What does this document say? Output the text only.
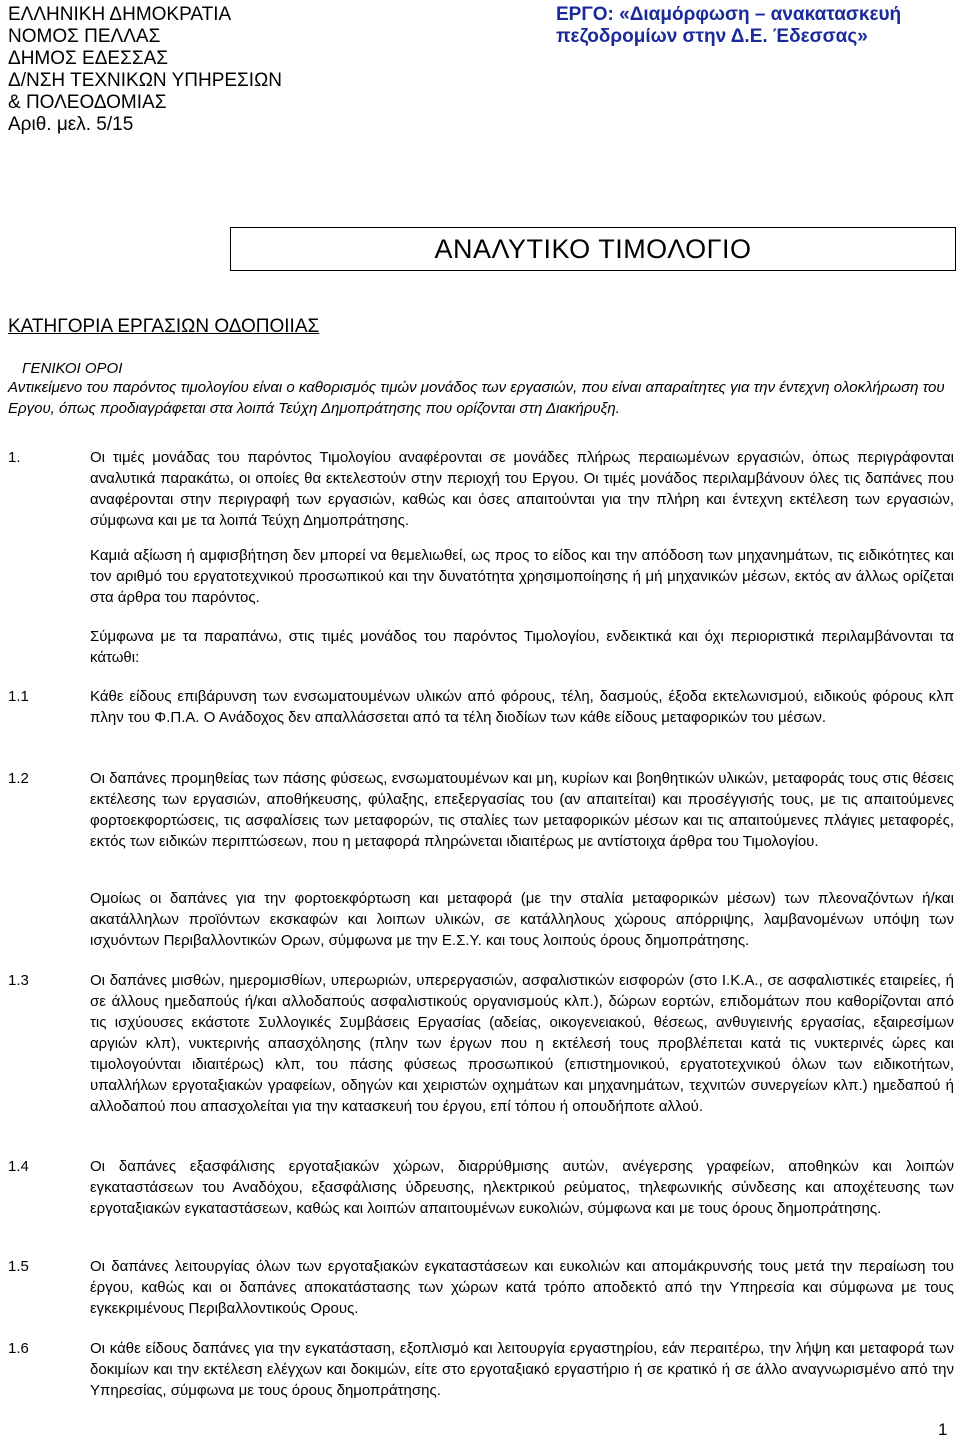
ΕΛΛΗΝΙΚΗ ΔΗΜΟΚΡΑΤΙΑ
ΝΟΜΟΣ ΠΕΛΛΑΣ
ΔΗΜΟΣ ΕΔΕΣΣΑΣ
Δ/ΝΣΗ ΤΕΧΝΙΚΩΝ ΥΠΗΡΕΣΙΩΝ
& ΠΟΛΕΟΔΟΜΙΑΣ
Αριθ. μελ. 5/15
ΕΡΓΟ: «Διαμόρφωση – ανακατασκευή
πεζοδρομίων στην Δ.Ε. Έδεσσας»
ΑΝΑΛΥΤΙΚΟ ΤΙΜΟΛΟΓΙΟ
ΚΑΤΗΓΟΡΙΑ ΕΡΓΑΣΙΩΝ ΟΔΟΠΟΙΙΑΣ
ΓΕΝΙΚΟΙ ΟΡΟΙ
Αντικείμενο του παρόντος τιμολογίου είναι ο καθορισμός τιμών μονάδος των εργασιών, που είναι απαραίτητες για την έντεχνη ολοκλήρωση του Εργου, όπως προδιαγράφεται στα λοιπά Τεύχη Δημοπράτησης που ορίζονται στη Διακήρυξη.
1.	Οι τιμές μονάδας του παρόντος Τιμολογίου αναφέρονται σε μονάδες πλήρως περαιωμένων εργασιών, όπως περιγράφονται αναλυτικά παρακάτω, οι οποίες θα εκτελεστούν στην περιοχή του Εργου. Οι τιμές μονάδος περιλαμβάνουν όλες τις δαπάνες που αναφέρονται στην περιγραφή των εργασιών, καθώς και όσες απαιτούνται για την πλήρη και έντεχνη εκτέλεση των εργασιών, σύμφωνα και με τα λοιπά Τεύχη Δημοπράτησης.
Καμιά αξίωση ή αμφισβήτηση δεν μπορεί να θεμελιωθεί, ως προς το είδος και την απόδοση των μηχανημάτων, τις ειδικότητες και τον αριθμό του εργατοτεχνικού προσωπικού και την δυνατότητα χρησιμοποίησης ή μή μηχανικών μέσων, εκτός αν άλλως ορίζεται στα άρθρα του παρόντος.
Σύμφωνα με τα παραπάνω, στις τιμές μονάδος του παρόντος Τιμολογίου, ενδεικτικά και όχι περιοριστικά περιλαμβάνονται τα κάτωθι:
1.1	Κάθε είδους επιβάρυνση των ενσωματουμένων υλικών από φόρους, τέλη, δασμούς, έξοδα εκτελωνισμού, ειδικούς φόρους κλπ πλην του Φ.Π.Α. Ο Ανάδοχος δεν απαλλάσσεται από τα τέλη διοδίων των κάθε είδους μεταφορικών του μέσων.
1.2	Οι δαπάνες προμηθείας των πάσης φύσεως, ενσωματουμένων και μη, κυρίων και βοηθητικών υλικών, μεταφοράς τους στις θέσεις εκτέλεσης των εργασιών, αποθήκευσης, φύλαξης, επεξεργασίας του (αν απαιτείται) και προσέγγισής τους, με τις απαιτούμενες φορτοεκφορτώσεις, τις ασφαλίσεις των μεταφορών, τις σταλίες των μεταφορικών μέσων και τις απαιτούμενες πλάγιες μεταφορές, εκτός των ειδικών περιπτώσεων, που η μεταφορά πληρώνεται ιδιαιτέρως με αντίστοιχα άρθρα του Τιμολογίου.
Ομοίως οι δαπάνες για την φορτοεκφόρτωση και μεταφορά (με την σταλία μεταφορικών μέσων) των πλεοναζόντων ή/και ακατάλληλων προϊόντων εκσκαφών και λοιπων υλικών, σε κατάλληλους χώρους απόρριψης, λαμβανομένων υπόψη των ισχυόντων Περιβαλλοντικών Ορων, σύμφωνα με την Ε.Σ.Υ. και τους λοιπούς όρους δημοπράτησης.
1.3	Οι δαπάνες μισθών, ημερομισθίων, υπερωριών, υπερεργασιών, ασφαλιστικών εισφορών (στο Ι.Κ.Α., σε ασφαλιστικές εταιρείες, ή σε άλλους ημεδαπούς ή/και αλλοδαπούς ασφαλιστικούς οργανισμούς κλπ.), δώρων εορτών, επιδομάτων που καθορίζονται από τις ισχύουσες εκάστοτε Συλλογικές Συμβάσεις Εργασίας (αδείας, οικογενειακού, θέσεως, ανθυγιεινής εργασίας, εξαιρεσίμων αργιών κλπ), νυκτερινής απασχόλησης (πλην των έργων που η εκτέλεσή τους προβλέπεται κατά τις νυκτερινές ώρες και τιμολογούνται ιδιαιτέρως) κλπ, του πάσης φύσεως προσωπικού (επιστημονικού, εργατοτεχνικού όλων των ειδικοτήτων, υπαλλήλων εργοταξιακών γραφείων, οδηγών και χειριστών οχημάτων και μηχανημάτων, τεχνιτών συνεργείων κλπ.) ημεδαπού ή αλλοδαπού που απασχολείται για την κατασκευή του έργου, επί τόπου ή οπουδήποτε αλλού.
1.4	Οι δαπάνες εξασφάλισης εργοταξιακών χώρων, διαρρύθμισης αυτών, ανέγερσης γραφείων, αποθηκών και λοιπών εγκαταστάσεων του Αναδόχου, εξασφάλισης ύδρευσης, ηλεκτρικού ρεύματος, τηλεφωνικής σύνδεσης και αποχέτευσης των εργοταξιακών εγκαταστάσεων, καθώς και λοιπών απαιτουμένων ευκολιών, σύμφωνα και με τους όρους δημοπράτησης.
1.5	Οι δαπάνες λειτουργίας όλων των εργοταξιακών εγκαταστάσεων και ευκολιών και απομάκρυνσής τους μετά την περαίωση του έργου, καθώς και οι δαπάνες αποκατάστασης των χώρων κατά τρόπο αποδεκτό από την Υπηρεσία και σύμφωνα με τους εγκεκριμένους Περιβαλλοντικούς Ορους.
1.6	Οι κάθε είδους δαπάνες για την εγκατάσταση, εξοπλισμό και λειτουργία εργαστηρίου, εάν περαιτέρω, την λήψη και μεταφορά των δοκιμίων και την εκτέλεση ελέγχων και δοκιμών, είτε στο εργοταξιακό εργαστήριο ή σε κρατικό ή σε άλλο αναγνωρισμένο από την Υπηρεσίας, σύμφωνα με τους όρους δημοπράτησης.
1
